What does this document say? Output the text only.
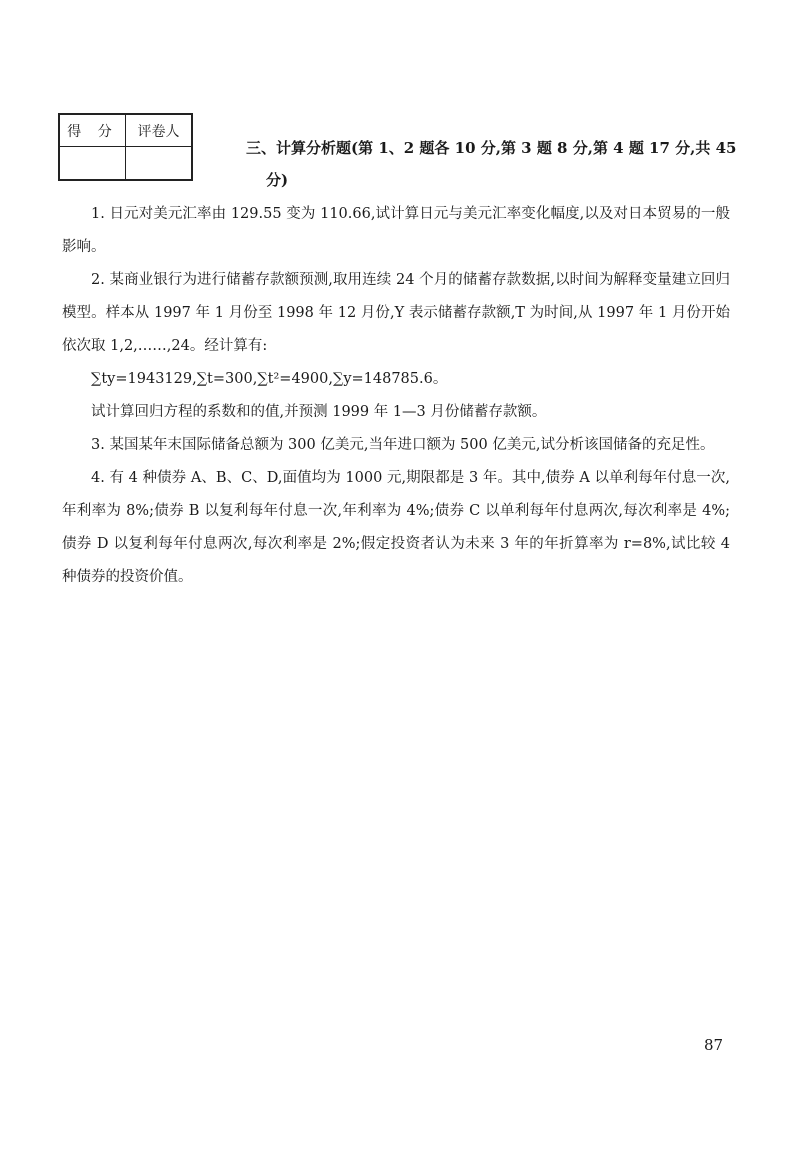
得 分	评卷人
三、计算分析题(第 1、2 题各 10 分,第 3 题 8 分,第 4 题 17 分,共 45
分)

1. 日元对美元汇率由 129.55 变为 110.66,试计算日元与美元汇率变化幅度,以及对日本贸易的一般影响。

2. 某商业银行为进行储蓄存款额预测,取用连续 24 个月的储蓄存款数据,以时间为解释变量建立回归模型。样本从 1997 年 1 月份至 1998 年 12 月份,Y 表示储蓄存款额,T 为时间,从 1997 年 1 月份开始依次取 1,2,……,24。经计算有:

∑ty=1943129,∑t=300,∑t²=4900,∑y=148785.6。

试计算回归方程的系数和的值,并预测 1999 年 1—3 月份储蓄存款额。

3. 某国某年末国际储备总额为 300 亿美元,当年进口额为 500 亿美元,试分析该国储备的充足性。

4. 有 4 种债券 A、B、C、D,面值均为 1000 元,期限都是 3 年。其中,债券 A 以单利每年付息一次,年利率为 8%;债券 B 以复利每年付息一次,年利率为 4%;债券 C 以单利每年付息两次,每次利率是 4%;债券 D 以复利每年付息两次,每次利率是 2%;假定投资者认为未来 3 年的年折算率为 r=8%,试比较 4 种债券的投资价值。

87
